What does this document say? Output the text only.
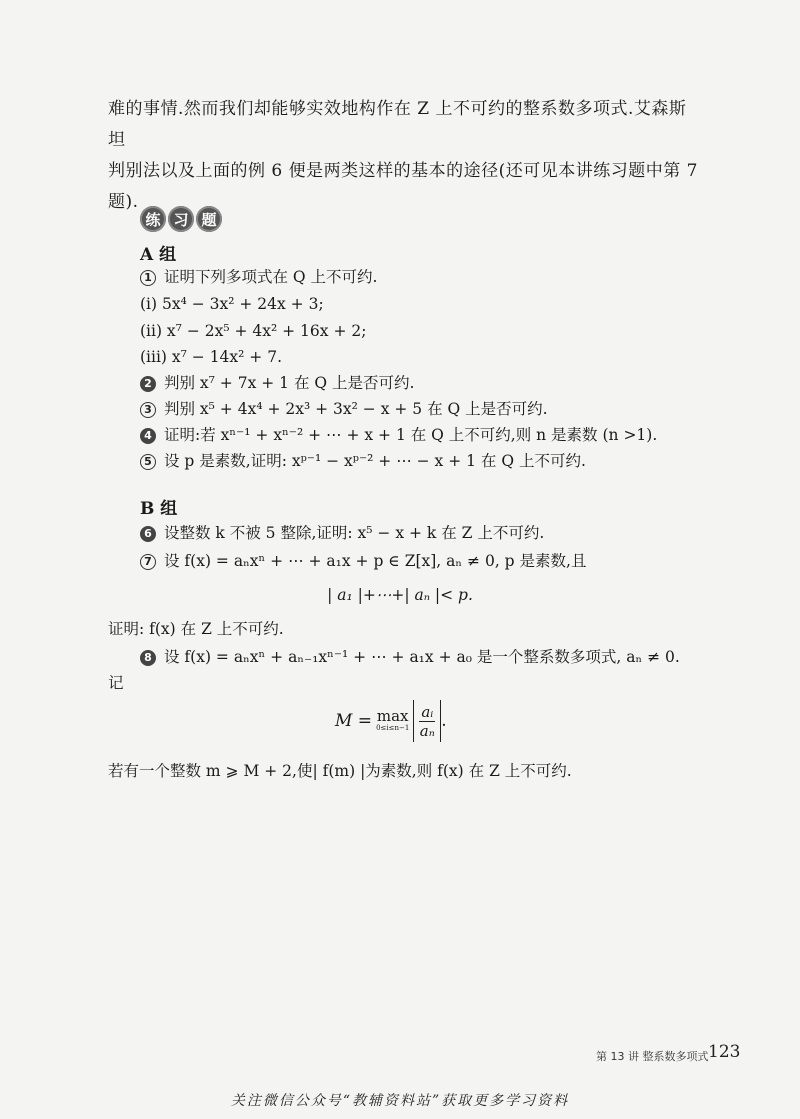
难的事情.然而我们却能够实效地构作在 Z 上不可约的整系数多项式.艾森斯坦

判别法以及上面的例 6 便是两类这样的基本的途径(还可见本讲练习题中第 7

题).

练 习 题
A 组
1 证明下列多项式在 Q 上不可约.
(i) 5x⁴ − 3x² + 24x + 3;
(ii) x⁷ − 2x⁵ + 4x² + 16x + 2;
(iii) x⁷ − 14x² + 7.
2 判别 x⁷ + 7x + 1 在 Q 上是否可约.
3 判别 x⁵ + 4x⁴ + 2x³ + 3x² − x + 5 在 Q 上是否可约.
4 证明:若 xⁿ⁻¹ + xⁿ⁻² + ⋯ + x + 1 在 Q 上不可约,则 n 是素数 (n >1).
5 设 p 是素数,证明: xᵖ⁻¹ − xᵖ⁻² + ⋯ − x + 1 在 Q 上不可约.
B 组
6 设整数 k 不被 5 整除,证明: x⁵ − x + k 在 Z 上不可约.
7 设 f(x) = aₙxⁿ + ⋯ + a₁x + p ∈ Z[x], aₙ ≠ 0, p 是素数,且
| a₁ |+⋯+| aₙ |< p.
证明: f(x) 在 Z 上不可约.
8 设 f(x) = aₙxⁿ + aₙ₋₁xⁿ⁻¹ + ⋯ + a₁x + a₀ 是一个整系数多项式, aₙ ≠ 0.
记
M = max
$0\le i\le n-1 \frac{\text{aᵢ}}{\text{aₙ}}$ .
若有一个整数 m ⩾ M + 2,使| f(m) |为素数,则 f(x) 在 Z 上不可约.
第 13 讲 整系数多项式 123
关注微信公众号“教辅资料站”获取更多学习资料
